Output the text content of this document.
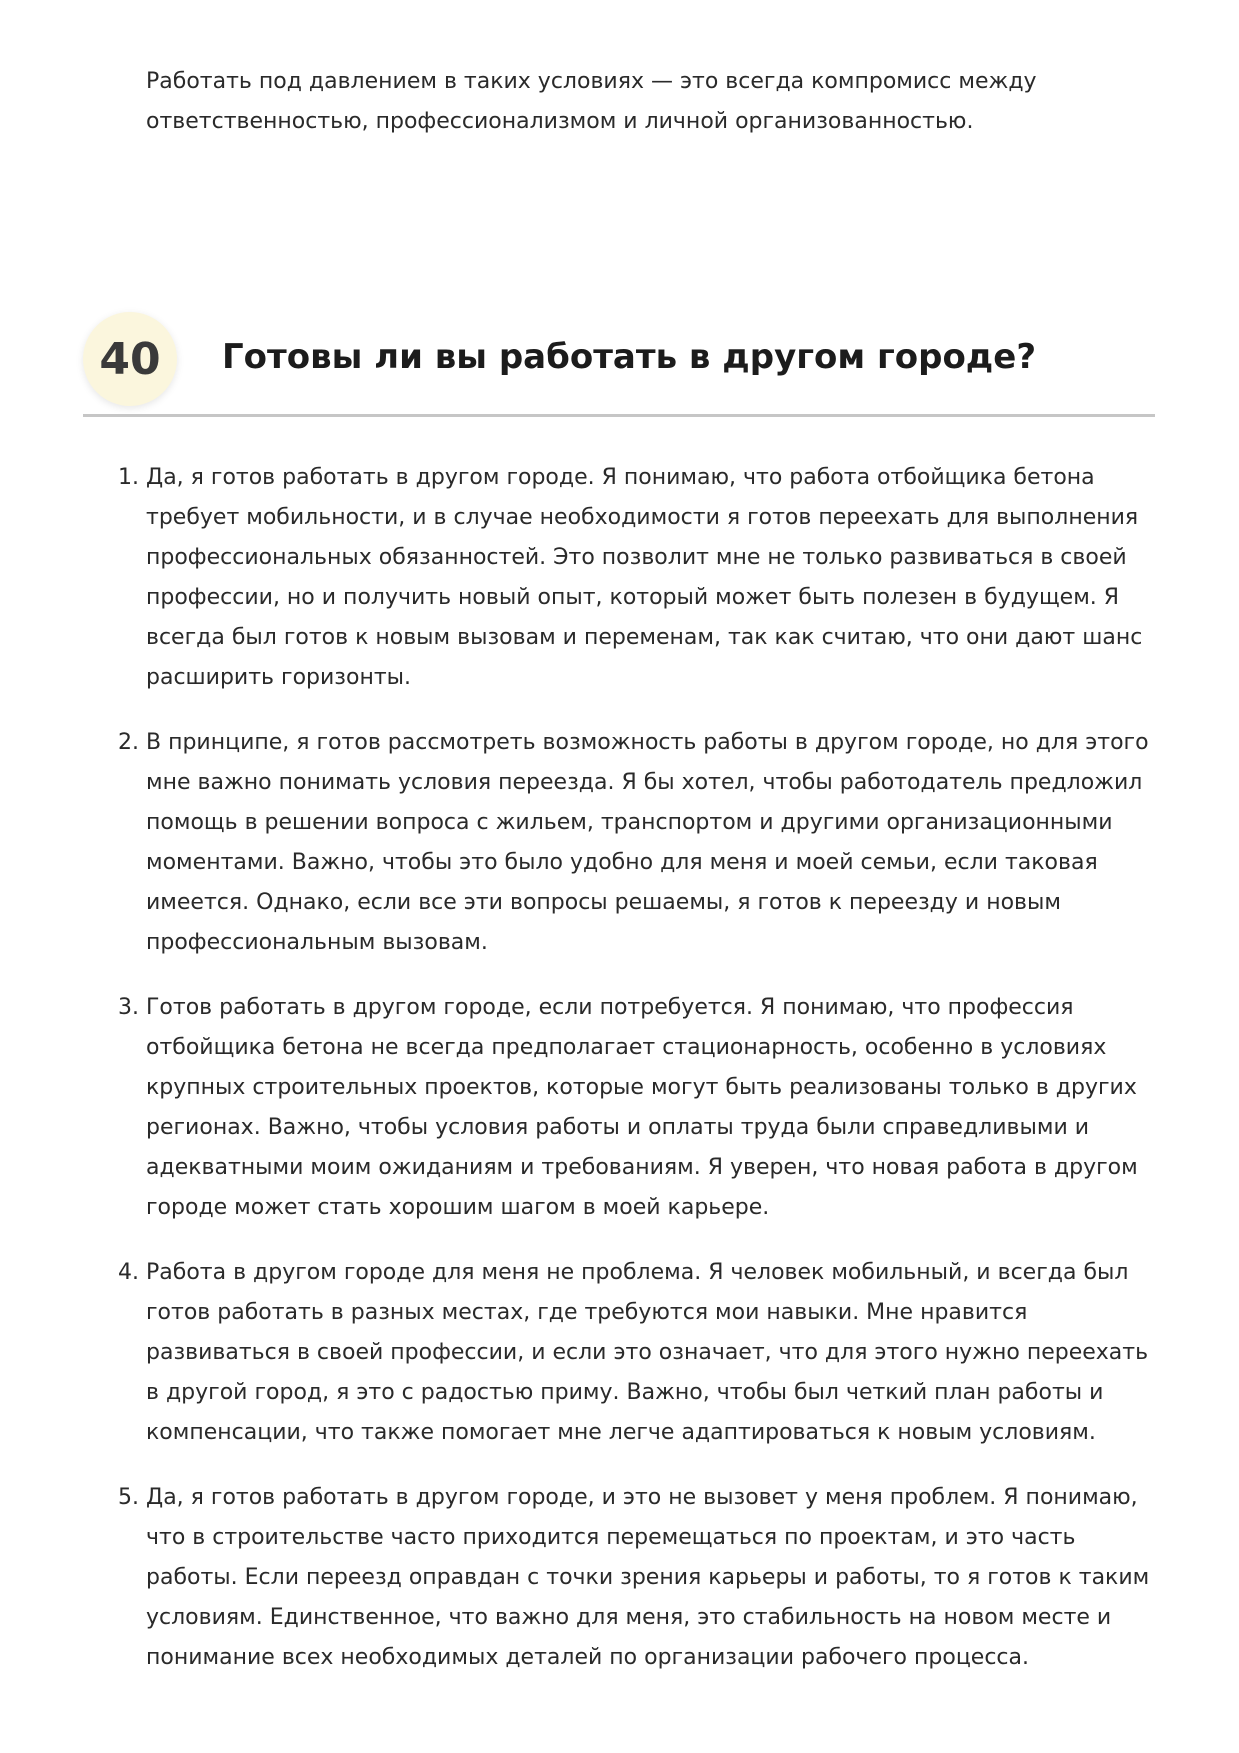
Работать под давлением в таких условиях — это всегда компромисс между ответственностью, профессионализмом и личной организованностью.

40	Готовы ли вы работать в другом городе?
1. Да, я готов работать в другом городе. Я понимаю, что работа отбойщика бетона требует мобильности, и в случае необходимости я готов переехать для выполнения профессиональных обязанностей. Это позволит мне не только развиваться в своей профессии, но и получить новый опыт, который может быть полезен в будущем. Я всегда был готов к новым вызовам и переменам, так как считаю, что они дают шанс расширить горизонты.
2. В принципе, я готов рассмотреть возможность работы в другом городе, но для этого мне важно понимать условия переезда. Я бы хотел, чтобы работодатель предложил помощь в решении вопроса с жильем, транспортом и другими организационными моментами. Важно, чтобы это было удобно для меня и моей семьи, если таковая имеется. Однако, если все эти вопросы решаемы, я готов к переезду и новым профессиональным вызовам.
3. Готов работать в другом городе, если потребуется. Я понимаю, что профессия отбойщика бетона не всегда предполагает стационарность, особенно в условиях крупных строительных проектов, которые могут быть реализованы только в других регионах. Важно, чтобы условия работы и оплаты труда были справедливыми и адекватными моим ожиданиям и требованиям. Я уверен, что новая работа в другом городе может стать хорошим шагом в моей карьере.
4. Работа в другом городе для меня не проблема. Я человек мобильный, и всегда был готов работать в разных местах, где требуются мои навыки. Мне нравится развиваться в своей профессии, и если это означает, что для этого нужно переехать в другой город, я это с радостью приму. Важно, чтобы был четкий план работы и компенсации, что также помогает мне легче адаптироваться к новым условиям.
5. Да, я готов работать в другом городе, и это не вызовет у меня проблем. Я понимаю, что в строительстве часто приходится перемещаться по проектам, и это часть работы. Если переезд оправдан с точки зрения карьеры и работы, то я готов к таким условиям. Единственное, что важно для меня, это стабильность на новом месте и понимание всех необходимых деталей по организации рабочего процесса.
